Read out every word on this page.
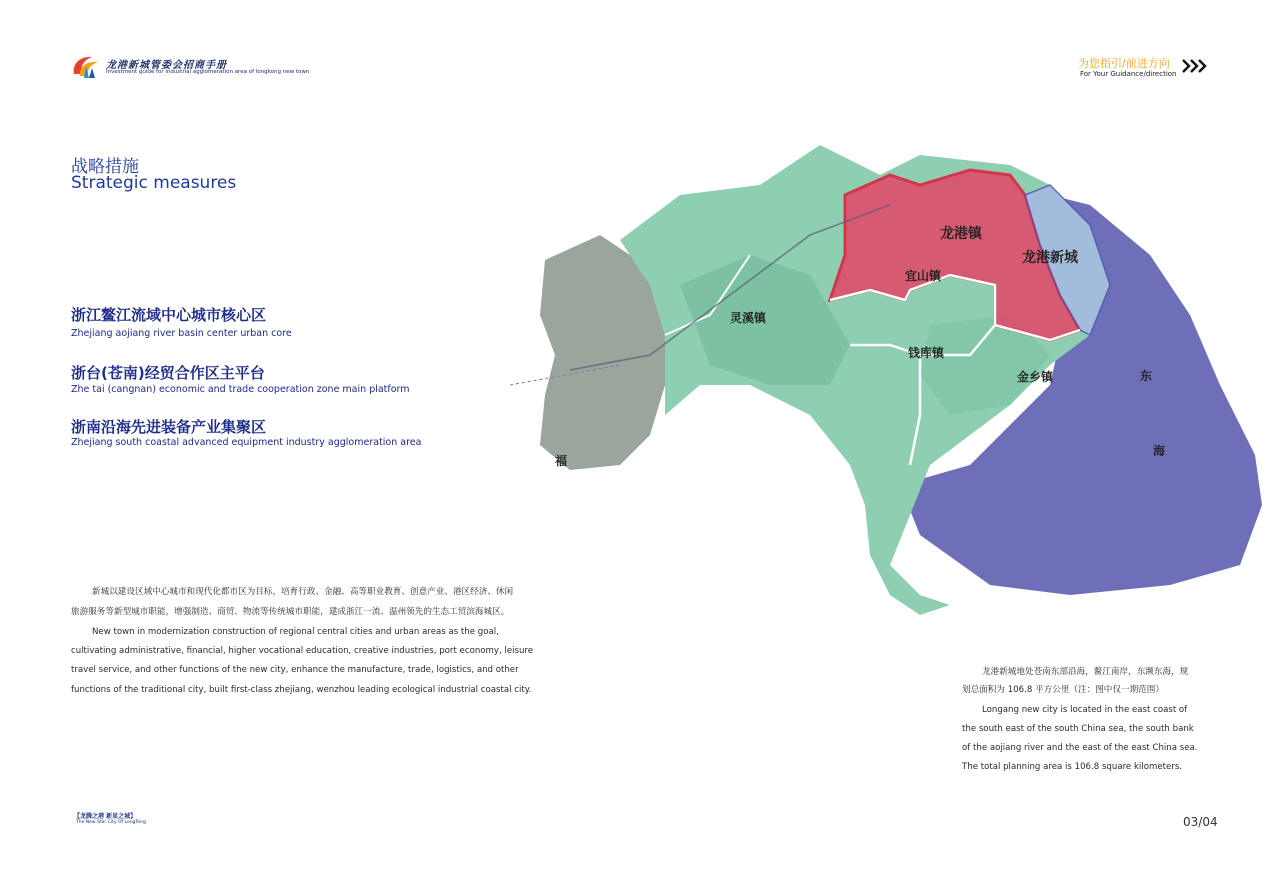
龙港新城管委会招商手册
Investment guide for industrial agglomeration area of longkong new town
为您指引/前进方向
For Your Guidance/direction
战略措施
Strategic measures
浙江鳌江流域中心城市核心区
Zhejiang aojiang river basin center urban core
浙台(苍南)经贸合作区主平台
Zhe tai (cangnan) economic and trade cooperation zone main platform
浙南沿海先进装备产业集聚区
Zhejiang south coastal advanced equipment industry agglomeration area
龙港镇
龙港新城
宜山镇
灵溪镇
钱库镇
金乡镇	东
海
福
新城以建设区域中心城市和现代化都市区为目标，培育行政、金融、高等职业教育、创意产业、港区经济、休闲
旅游服务等新型城市职能，增强制造、商贸、物流等传统城市职能，建成浙江一流、温州领先的生态工贸滨海城区。
New town in modernization construction of regional central cities and urban areas as the goal,
cultivating administrative, financial, higher vocational education, creative industries, port economy, leisure
travel service, and other functions of the new city, enhance the manufacture, trade, logistics, and other
functions of the traditional city, built first-class zhejiang, wenzhou leading ecological industrial coastal city.
龙港新城地处苍南东部沿海，鳌江南岸，东濒东海，规
划总面积为 106.8 平方公里（注：图中仅一期范围）
Longang new city is located in the east coast of
the south east of the south China sea, the south bank
of the aojiang river and the east of the east China sea.
The total planning area is 106.8 square kilometers.
【龙腾之港 新星之城】
The New Star City Of LongTeng	03/04
